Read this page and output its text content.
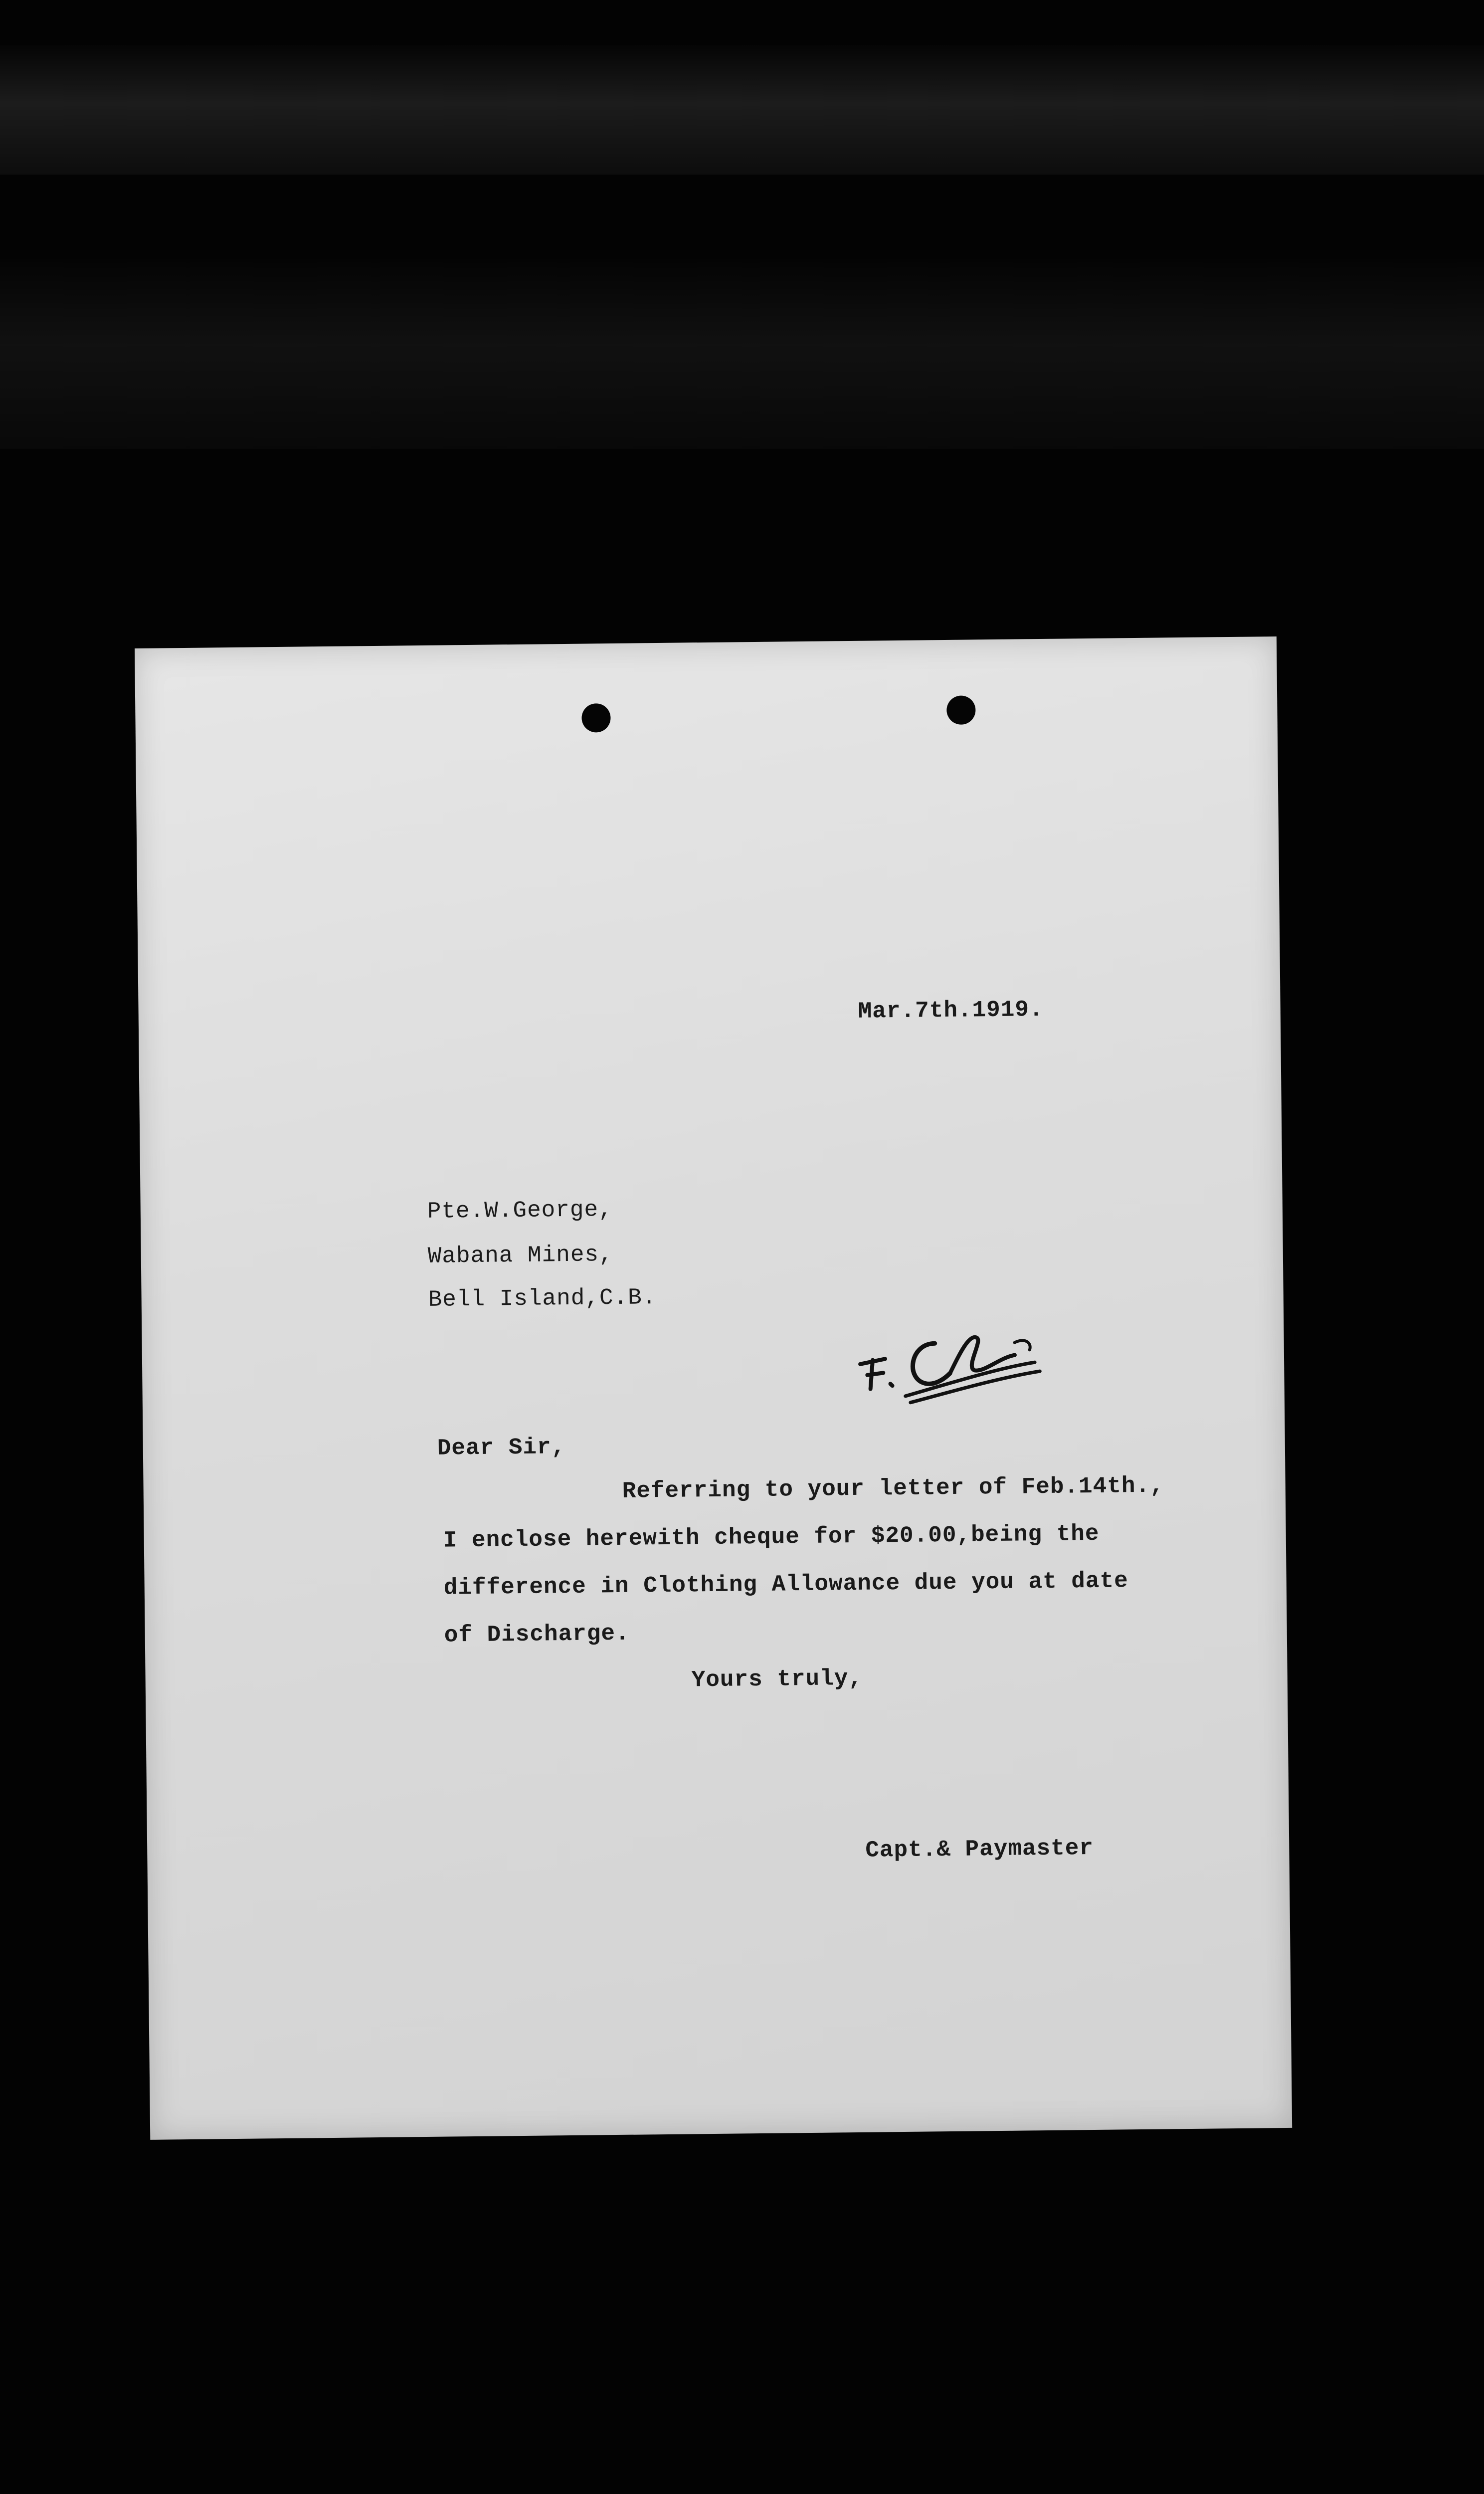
Mar.7th.1919.
Pte.W.George,
Wabana Mines,
Bell Island,C.B.
Dear Sir,
Referring to your letter of Feb.14th.,
I enclose herewith cheque for $20.00,being the
difference in Clothing Allowance due you at date
of Discharge.
Yours truly,
Capt.& Paymaster
